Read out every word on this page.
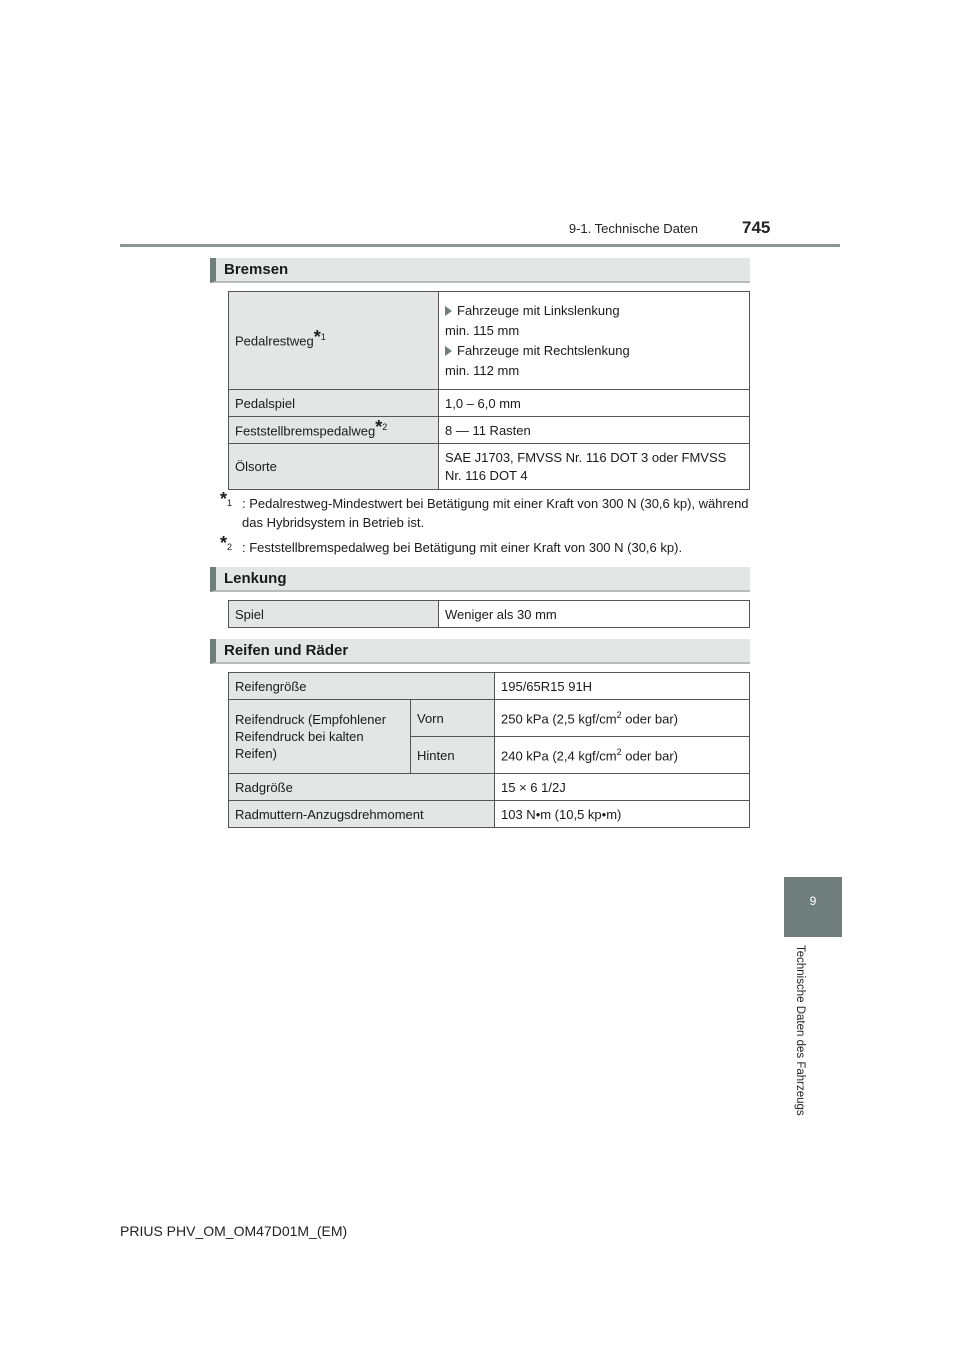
9-1. Technische Daten	745
9
Technische Daten des Fahrzeugs
Bremsen
Pedalrestweg*$^1$	Fahrzeuge mit Linkslenkung
min. 115 mm
Fahrzeuge mit Rechtslenkung
min. 112 mm

Pedalspiel	1,0 – 6,0 mm
Feststellbremspedalweg*$^2$	8 — 11 Rasten
Ölsorte	SAE J1703, FMVSS Nr. 116 DOT 3 oder FMVSS Nr. 116 DOT 4
*$^1$ : Pedalrestweg-Mindestwert bei Betätigung mit einer Kraft von 300 N (30,6 kp), während das Hybridsystem in Betrieb ist.
*$^2$ : Feststellbremspedalweg bei Betätigung mit einer Kraft von 300 N (30,6 kp).
Lenkung
Spiel	Weniger als 30 mm
Reifen und Räder
Reifengröße		195/65R15 91H
Reifendruck (Empfohlener Reifendruck bei kalten Reifen)	Vorn	250 kPa (2,5 kgf/$cm^2$ oder bar)
	Hinten	240 kPa (2,4 kgf/$cm^2$ oder bar)
Radgröße		15 × 6 1/2J
Radmuttern-Anzugsdrehmoment		103 N•m (10,5 kp•m)
PRIUS PHV_OM_OM47D01M_(EM)
